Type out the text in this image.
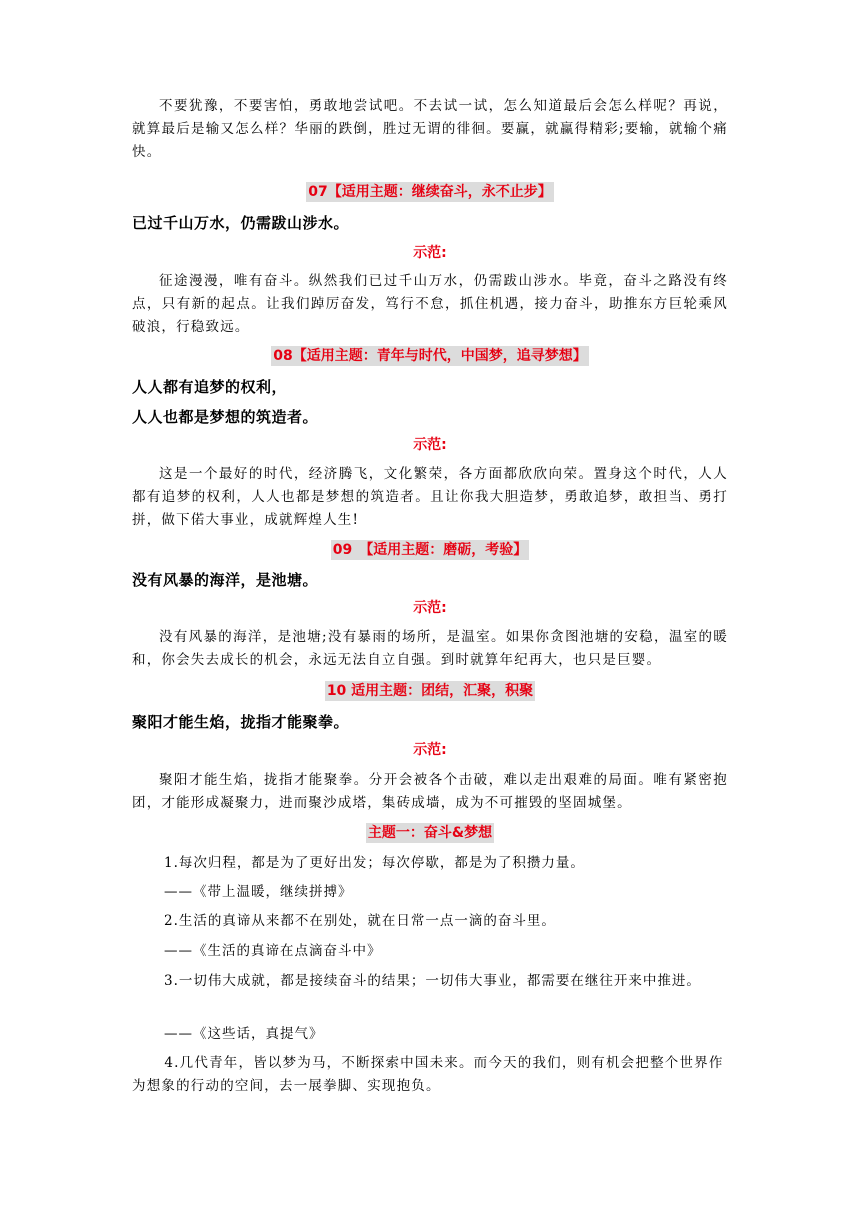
不要犹豫，不要害怕，勇敢地尝试吧。不去试一试，怎么知道最后会怎么样呢？再说，就算最后是输又怎么样？华丽的跌倒，胜过无谓的徘徊。要赢，就赢得精彩;要输，就输个痛快。

07【适用主题：继续奋斗，永不止步】

已过千山万水，仍需跋山涉水。

示范:

征途漫漫，唯有奋斗。纵然我们已过千山万水，仍需跋山涉水。毕竟，奋斗之路没有终点，只有新的起点。让我们踔厉奋发，笃行不怠，抓住机遇，接力奋斗，助推东方巨轮乘风破浪，行稳致远。

08【适用主题：青年与时代，中国梦，追寻梦想】

人人都有追梦的权利，

人人也都是梦想的筑造者。

示范:

这是一个最好的时代，经济腾飞，文化繁荣，各方面都欣欣向荣。置身这个时代，人人都有追梦的权利，人人也都是梦想的筑造者。且让你我大胆造梦，勇敢追梦，敢担当、勇打拼，做下偌大事业，成就辉煌人生!

09　【适用主题：磨砺，考验】

没有风暴的海洋，是池塘。

示范:

没有风暴的海洋，是池塘;没有暴雨的场所，是温室。如果你贪图池塘的安稳，温室的暖和，你会失去成长的机会，永远无法自立自强。到时就算年纪再大，也只是巨婴。

10 适用主题：团结，汇聚，积聚

聚阳才能生焰，拢指才能聚拳。

示范:

聚阳才能生焰，拢指才能聚拳。分开会被各个击破，难以走出艰难的局面。唯有紧密抱团，才能形成凝聚力，进而聚沙成塔，集砖成墙，成为不可摧毁的坚固城堡。

主题一：奋斗&梦想

1.每次归程，都是为了更好出发；每次停歇，都是为了积攒力量。

——《带上温暖，继续拼搏》

2.生活的真谛从来都不在别处，就在日常一点一滴的奋斗里。

——《生活的真谛在点滴奋斗中》

3.一切伟大成就，都是接续奋斗的结果；一切伟大事业，都需要在继往开来中推进。

——《这些话，真提气》

4.几代青年，皆以梦为马，不断探索中国未来。而今天的我们，则有机会把整个世界作为想象的行动的空间，去一展拳脚、实现抱负。
